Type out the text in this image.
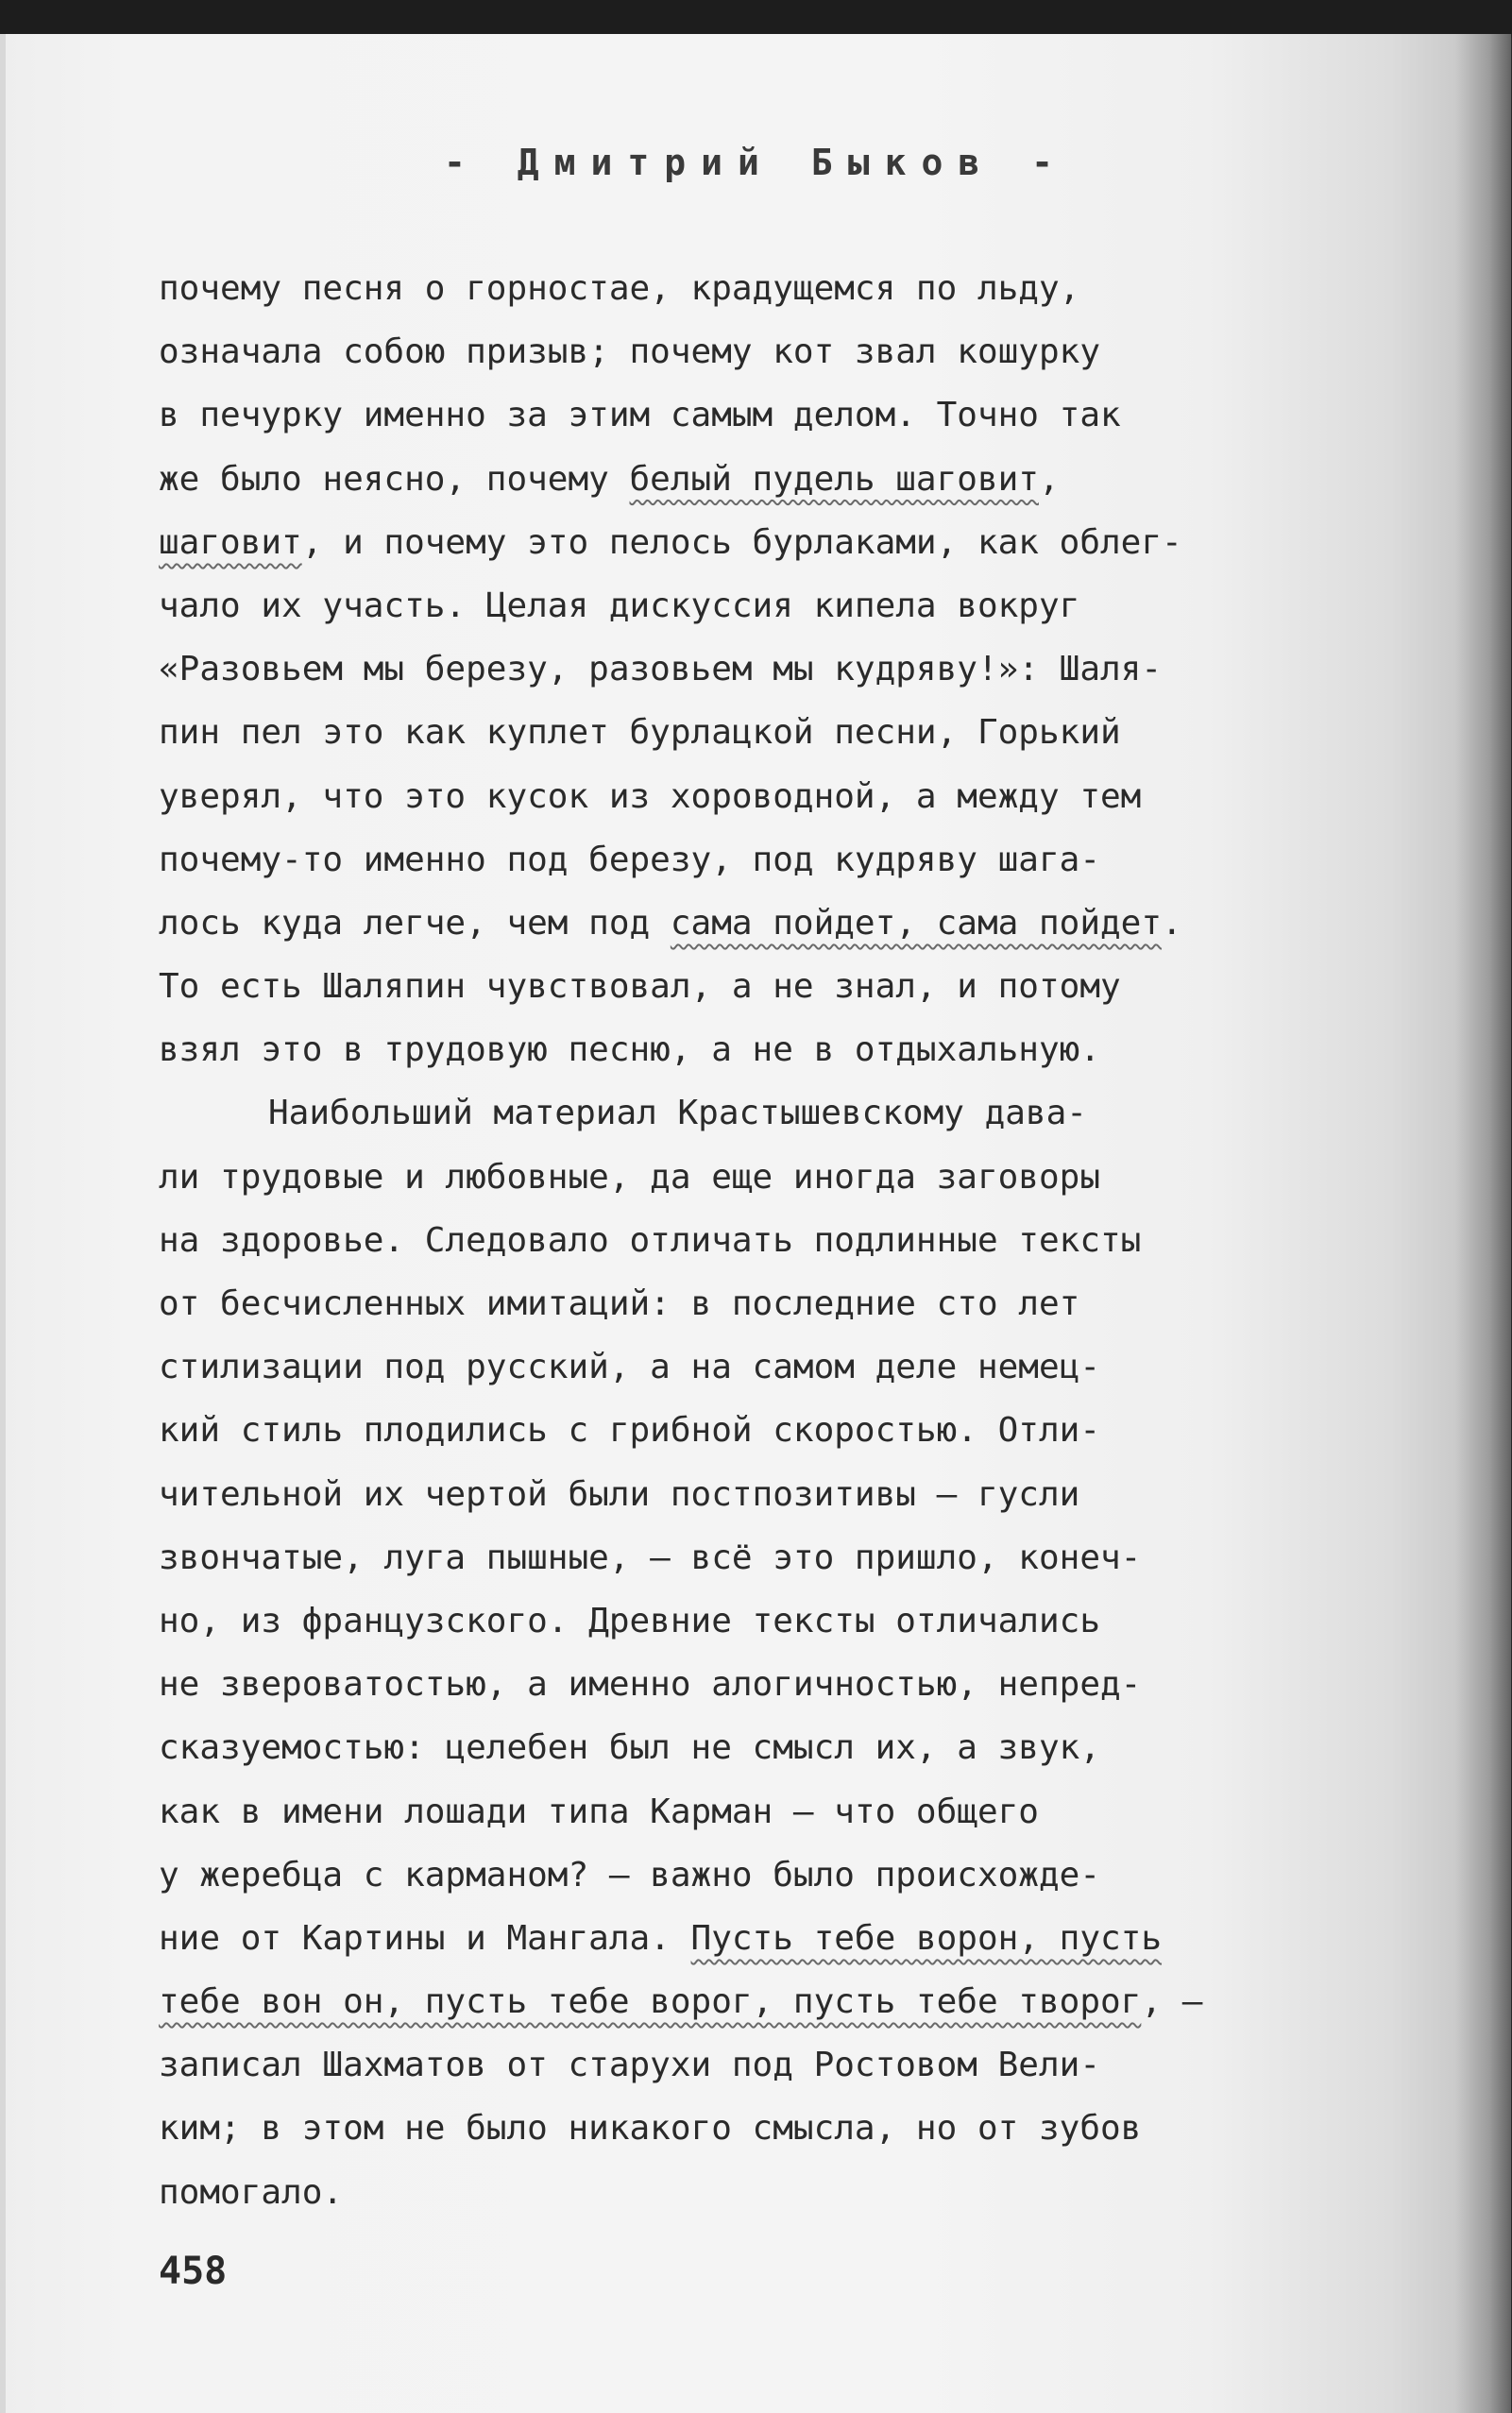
- Дмитрий Быков -
почему песня о горностае, крадущемся по льду,
означала собою призыв; почему кот звал кошурку
в печурку именно за этим самым делом. Точно так
же было неясно, почему белый пудель шаговит,
шаговит, и почему это пелось бурлаками, как облег-
чало их участь. Целая дискуссия кипела вокруг
«Разовьем мы березу, разовьем мы кудряву!»: Шаля-
пин пел это как куплет бурлацкой песни, Горький
уверял, что это кусок из хороводной, а между тем
почему-то именно под березу, под кудряву шага-
лось куда легче, чем под сама пойдет, сама пойдет.
То есть Шаляпин чувствовал, а не знал, и потому
взял это в трудовую песню, а не в отдыхальную.
Наибольший материал Крастышевскому дава-
ли трудовые и любовные, да еще иногда заговоры
на здоровье. Следовало отличать подлинные тексты
от бесчисленных имитаций: в последние сто лет
стилизации под русский, а на самом деле немец-
кий стиль плодились с грибной скоростью. Отли-
чительной их чертой были постпозитивы — гусли
звончатые, луга пышные, — всё это пришло, конеч-
но, из французского. Древние тексты отличались
не звероватостью, а именно алогичностью, непред-
сказуемостью: целебен был не смысл их, а звук,
как в имени лошади типа Карман — что общего
у жеребца с карманом? — важно было происхожде-
ние от Картины и Мангала. Пусть тебе ворон, пусть
тебе вон он, пусть тебе ворог, пусть тебе творог, —
записал Шахматов от старухи под Ростовом Вели-
ким; в этом не было никакого смысла, но от зубов
помогало.
458
